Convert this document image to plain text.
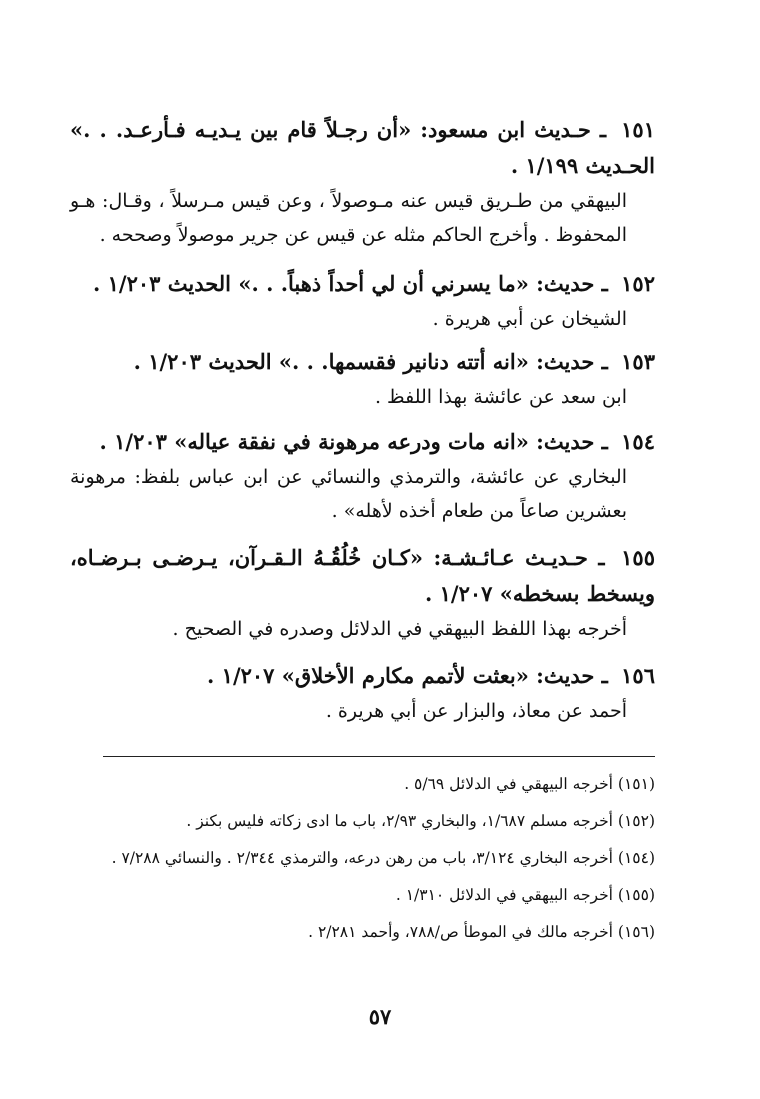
١٥١ ـ حـديث ابن مسعود: «أن رجـلاً قام بين يـديـه فـأرعـد. . .» الحـديث ١/١٩٩ .
البيهقي من طـريق قيس عنه مـوصولاً ، وعن قيس مـرسلاً ، وقـال: هـو المحفوظ . وأخرج الحاكم مثله عن قيس عن جرير موصولاً وصححه .
١٥٢ ـ حديث: «ما يسرني أن لي أحداً ذهباً. . .» الحديث ١/٢٠٣ .
الشيخان عن أبي هريرة .
١٥٣ ـ حديث: «انه أتته دنانير فقسمها. . .» الحديث ١/٢٠٣ .
ابن سعد عن عائشة بهذا اللفظ .
١٥٤ ـ حديث: «انه مات ودرعه مرهونة في نفقة عياله» ١/٢٠٣ .
البخاري عن عائشة، والترمذي والنسائي عن ابن عباس بلفظ: مرهونة بعشرين صاعاً من طعام أخذه لأهله» .
١٥٥ ـ حـديـث عـائـشـة: «كـان خُلُقُـهُ الـقـرآن، يـرضـى بـرضـاه، ويسخط بسخطه» ١/٢٠٧ .
أخرجه بهذا اللفظ البيهقي في الدلائل وصدره في الصحيح .
١٥٦ ـ حديث: «بعثت لأتمم مكارم الأخلاق» ١/٢٠٧ .
أحمد عن معاذ، والبزار عن أبي هريرة .
(١٥١) أخرجه البيهقي في الدلائل ٥/٦٩ .
(١٥٢) أخرجه مسلم ١/٦٨٧، والبخاري ٢/٩٣، باب ما ادى زكاته فليس بكنز .
(١٥٤) أخرجه البخاري ٣/١٢٤، باب من رهن درعه، والترمذي ٢/٣٤٤ . والنسائي ٧/٢٨٨ .
(١٥٥) أخرجه البيهقي في الدلائل ١/٣١٠ .
(١٥٦) أخرجه مالك في الموطأ ص/٧٨٨، وأحمد ٢/٢٨١ .
٥٧
